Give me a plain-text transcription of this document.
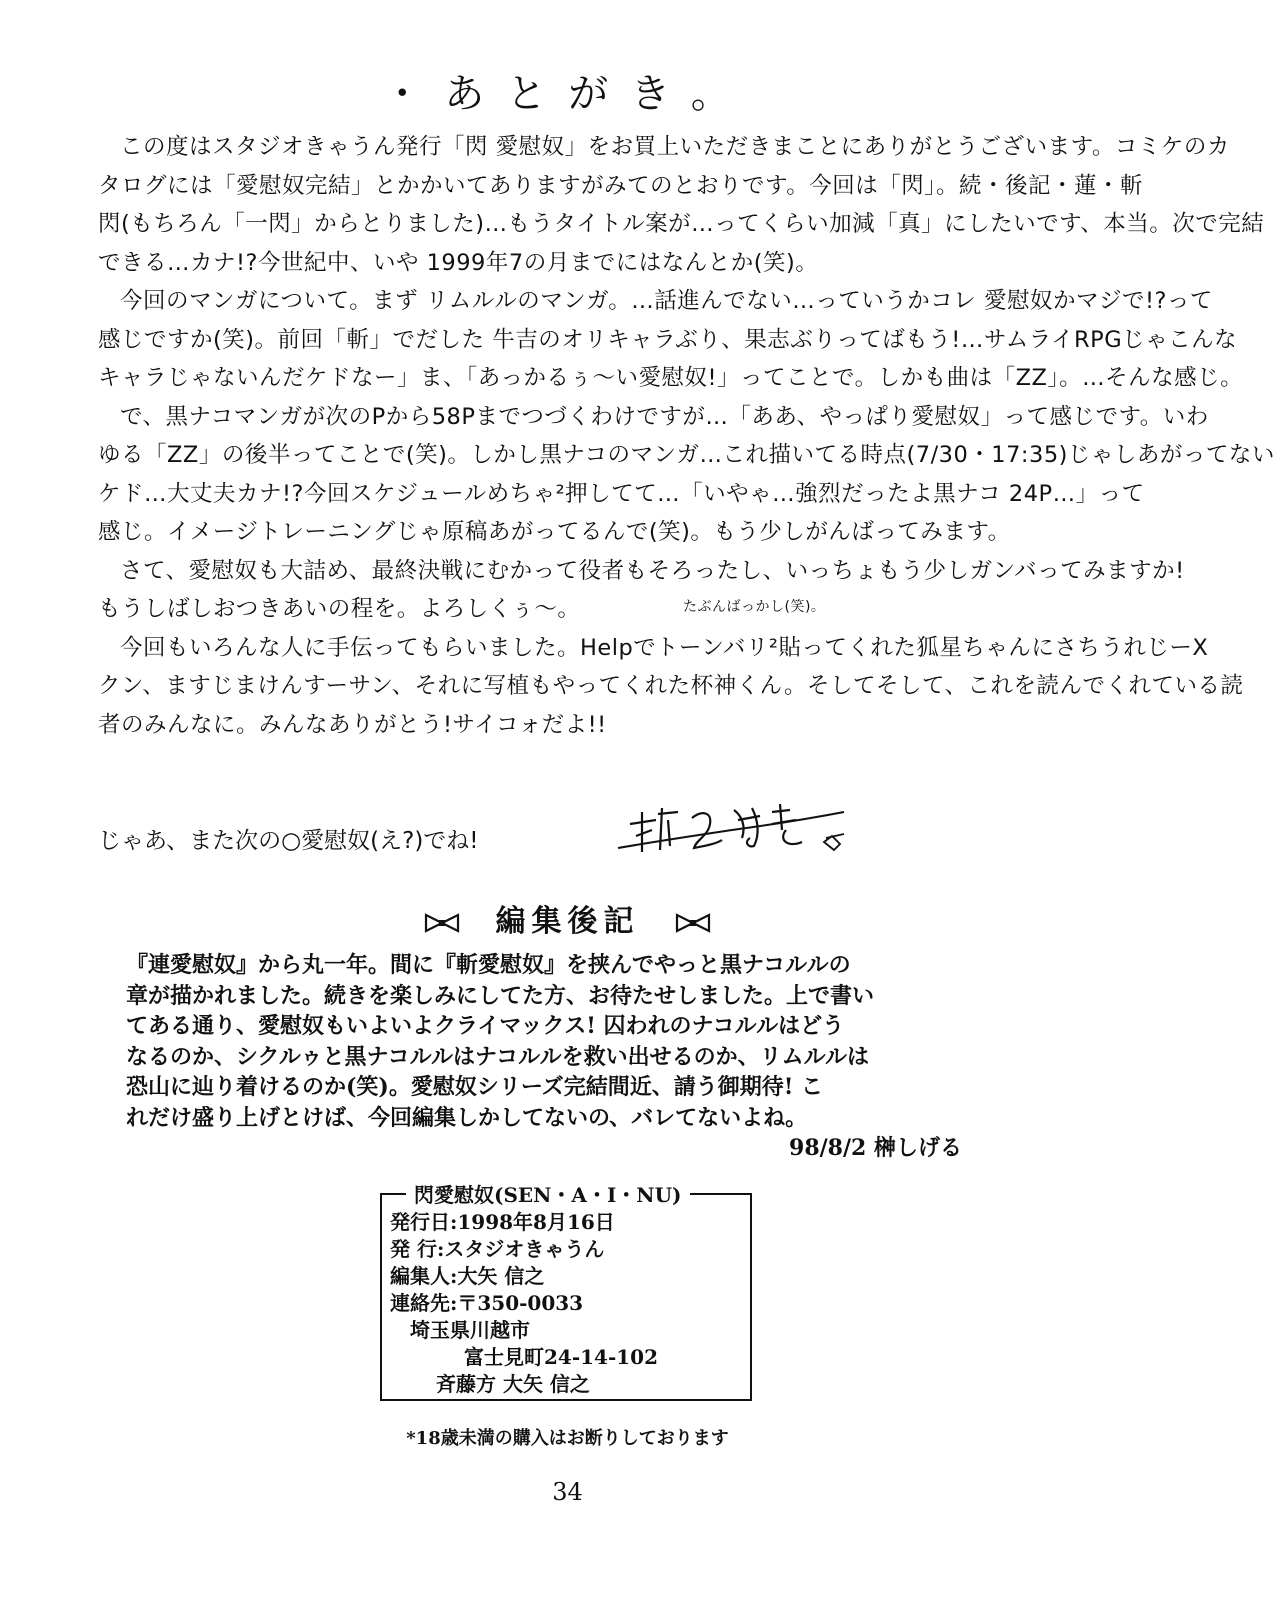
・あとがき。
この度はスタジオきゃうん発行「閃 愛慰奴」をお買上いただきまことにありがとうございます。コミケのカ
タログには「愛慰奴完結」とかかいてありますがみてのとおりです。今回は「閃」。続・後記・蓮・斬
閃(もちろん「一閃」からとりました)…もうタイトル案が…ってくらい加減「真」にしたいです、本当。次で完結
できる…カナ!?今世紀中、いや 1999年7の月までにはなんとか(笑)。
今回のマンガについて。まず リムルルのマンガ。…話進んでない…っていうかコレ 愛慰奴かマジで!?って
感じですか(笑)。前回「斬」でだした 牛吉のオリキャラぶり、果志ぶりってばもう!…サムライRPGじゃこんな
キャラじゃないんだケドなー」ま、「あっかるぅ〜い愛慰奴!」ってことで。しかも曲は「ZZ」。…そんな感じ。
で、黒ナコマンガが次のPから58Pまでつづくわけですが…「ああ、やっぱり愛慰奴」って感じです。いわ
ゆる「ZZ」の後半ってことで(笑)。しかし黒ナコのマンガ…これ描いてる時点(7/30・17:35)じゃしあがってない
ケド…大丈夫カナ!?今回スケジュールめちゃ²押してて…「いやゃ…強烈だったよ黒ナコ 24P…」って
感じ。イメージトレーニングじゃ原稿あがってるんで(笑)。もう少しがんばってみます。
さて、愛慰奴も大詰め、最終決戦にむかって役者もそろったし、いっちょもう少しガンバってみますか!
もうしばしおつきあいの程を。よろしくぅ〜。	たぶんばっかし(笑)。
今回もいろんな人に手伝ってもらいました。Helpでトーンバリ²貼ってくれた狐星ちゃんにさちうれじーX
クン、ますじまけんすーサン、それに写植もやってくれた杯神くん。そしてそして、これを読んでくれている読
者のみんなに。みんなありがとう!サイコォだよ!!
じゃあ、また次の○愛慰奴(え?)でね!
編集後記
『連愛慰奴』から丸一年。間に『斬愛慰奴』を挟んでやっと黒ナコルルの
章が描かれました。続きを楽しみにしてた方、お待たせしました。上で書い
てある通り、愛慰奴もいよいよクライマックス! 囚われのナコルルはどう
なるのか、シクルゥと黒ナコルルはナコルルを救い出せるのか、リムルルは
恐山に辿り着けるのか(笑)。愛慰奴シリーズ完結間近、請う御期待! こ
れだけ盛り上げとけば、今回編集しかしてないの、バレてないよね。
98/8/2 榊しげる
閃愛慰奴(SEN・A・I・NU)
発行日:1998年8月16日
発 行:スタジオきゃうん
編集人:大矢 信之
連絡先:〒350-0033
埼玉県川越市
富士見町24-14-102
斉藤方 大矢 信之
*18歳未満の購入はお断りしております
34
